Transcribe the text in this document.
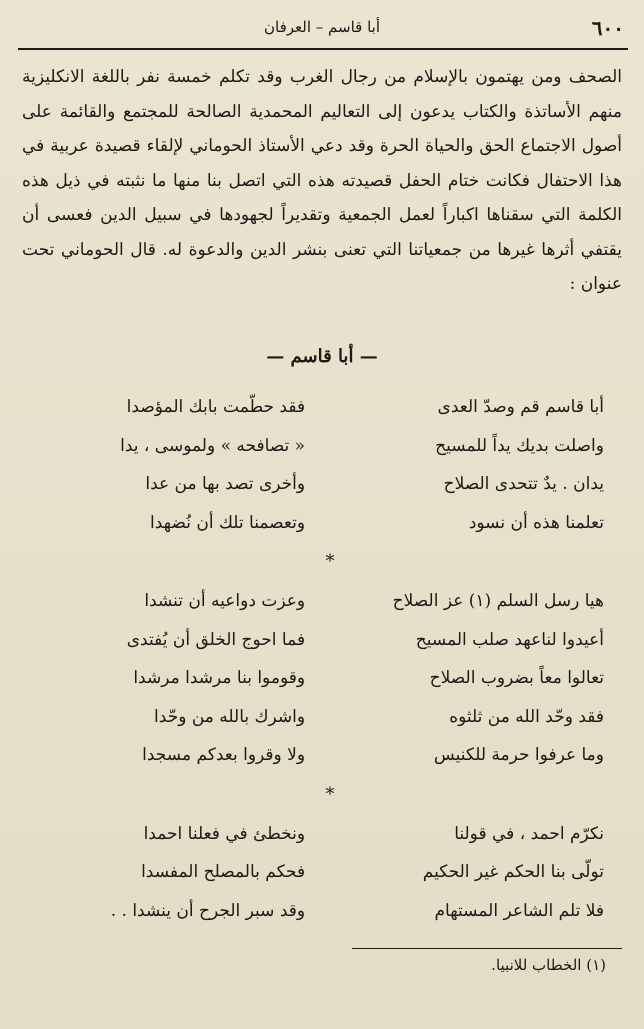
٦٠٠
أبا قاسم – العرفان

الصحف ومن يهتمون بالإسلام من رجال الغرب وقد تكلم خمسة نفر باللغة الانكليزية منهم الأساتذة والكتاب يدعون إلى التعاليم المحمدية الصالحة للمجتمع والقائمة على أصول الاجتماع الحق والحياة الحرة وقد دعي الأستاذ الحوماني لإلقاء قصيدة عربية في هذا الاحتفال فكانت ختام الحفل قصيدته هذه التي اتصل بنا منها ما نثبته في ذيل هذه الكلمة التي سقناها اكباراً لعمل الجمعية وتقديراً لجهودها في سبيل الدين فعسى أن يقتفي أثرها غيرها من جمعياتنا التي تعنى بنشر الدين والدعوة له. قال الحوماني تحت عنوان :

— أبا قاسم —
أبا قاسم قم وصدّ العدى
فقد حطّمت بابك المؤصدا
واصلت بديك يداً للمسيح
« تصافحه » ولموسى ، يدا
يدان . يدٌ تتحدى الصلاح
وأخرى تصد بها من عدا
تعلمنا هذه أن نسود
وتعصمنا تلك أن نُضهدا
*
هيا رسل السلم (١) عز الصلاح
وعزت دواعيه أن تنشدا
أعيدوا لناعهد صلب المسيح
فما احوج الخلق أن يُفتدى
تعالوا معاً بضروب الصلاح
وقوموا بنا مرشدا مرشدا
فقد وحّد الله من ثلثوه
واشرك بالله من وحّدا
وما عرفوا حرمة للكنيس
ولا وقروا بعدكم مسجدا
*
نكرّم احمد ، في قولنا
ونخطئ في فعلنا احمدا
تولّى بنا الحكم غير الحكيم
فحكم بالمصلح المفسدا
فلا تلم الشاعر المستهام
وقد سبر الجرح أن ينشدا . .
(١) الخطاب للانبيا.
